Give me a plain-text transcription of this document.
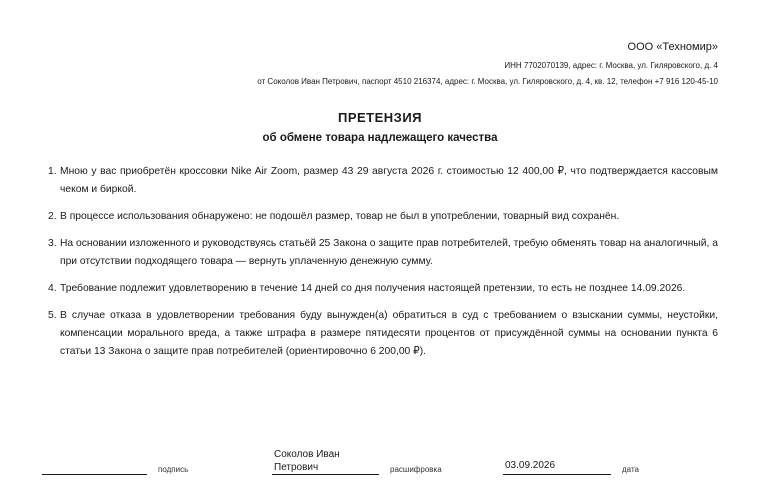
ООО «Техномир»
ИНН 7702070139, адрес: г. Москва, ул. Гиляровского, д. 4
от Соколов Иван Петрович, паспорт 4510 216374, адрес: г. Москва, ул. Гиляровского, д. 4, кв. 12, телефон +7 916 120-45-10
ПРЕТЕНЗИЯ
об обмене товара надлежащего качества
1. Мною у вас приобретён кроссовки Nike Air Zoom, размер 43 29 августа 2026 г. стоимостью 12 400,00 ₽, что подтверждается кассовым чеком и биркой.
2. В процессе использования обнаружено: не подошёл размер, товар не был в употреблении, товарный вид сохранён.
3. На основании изложенного и руководствуясь статьёй 25 Закона о защите прав потребителей, требую обменять товар на аналогичный, а при отсутствии подходящего товара — вернуть уплаченную денежную сумму.
4. Требование подлежит удовлетворению в течение 14 дней со дня получения настоящей претензии, то есть не позднее 14.09.2026.
5. В случае отказа в удовлетворении требования буду вынужден(а) обратиться в суд с требованием о взыскании суммы, неустойки, компенсации морального вреда, а также штрафа в размере пятидесяти процентов от присуждённой суммы на основании пункта 6 статьи 13 Закона о защите прав потребителей (ориентировочно 6 200,00 ₽).
подпись
Соколов Иван Петрович	расшифровка	03.09.2026	дата
